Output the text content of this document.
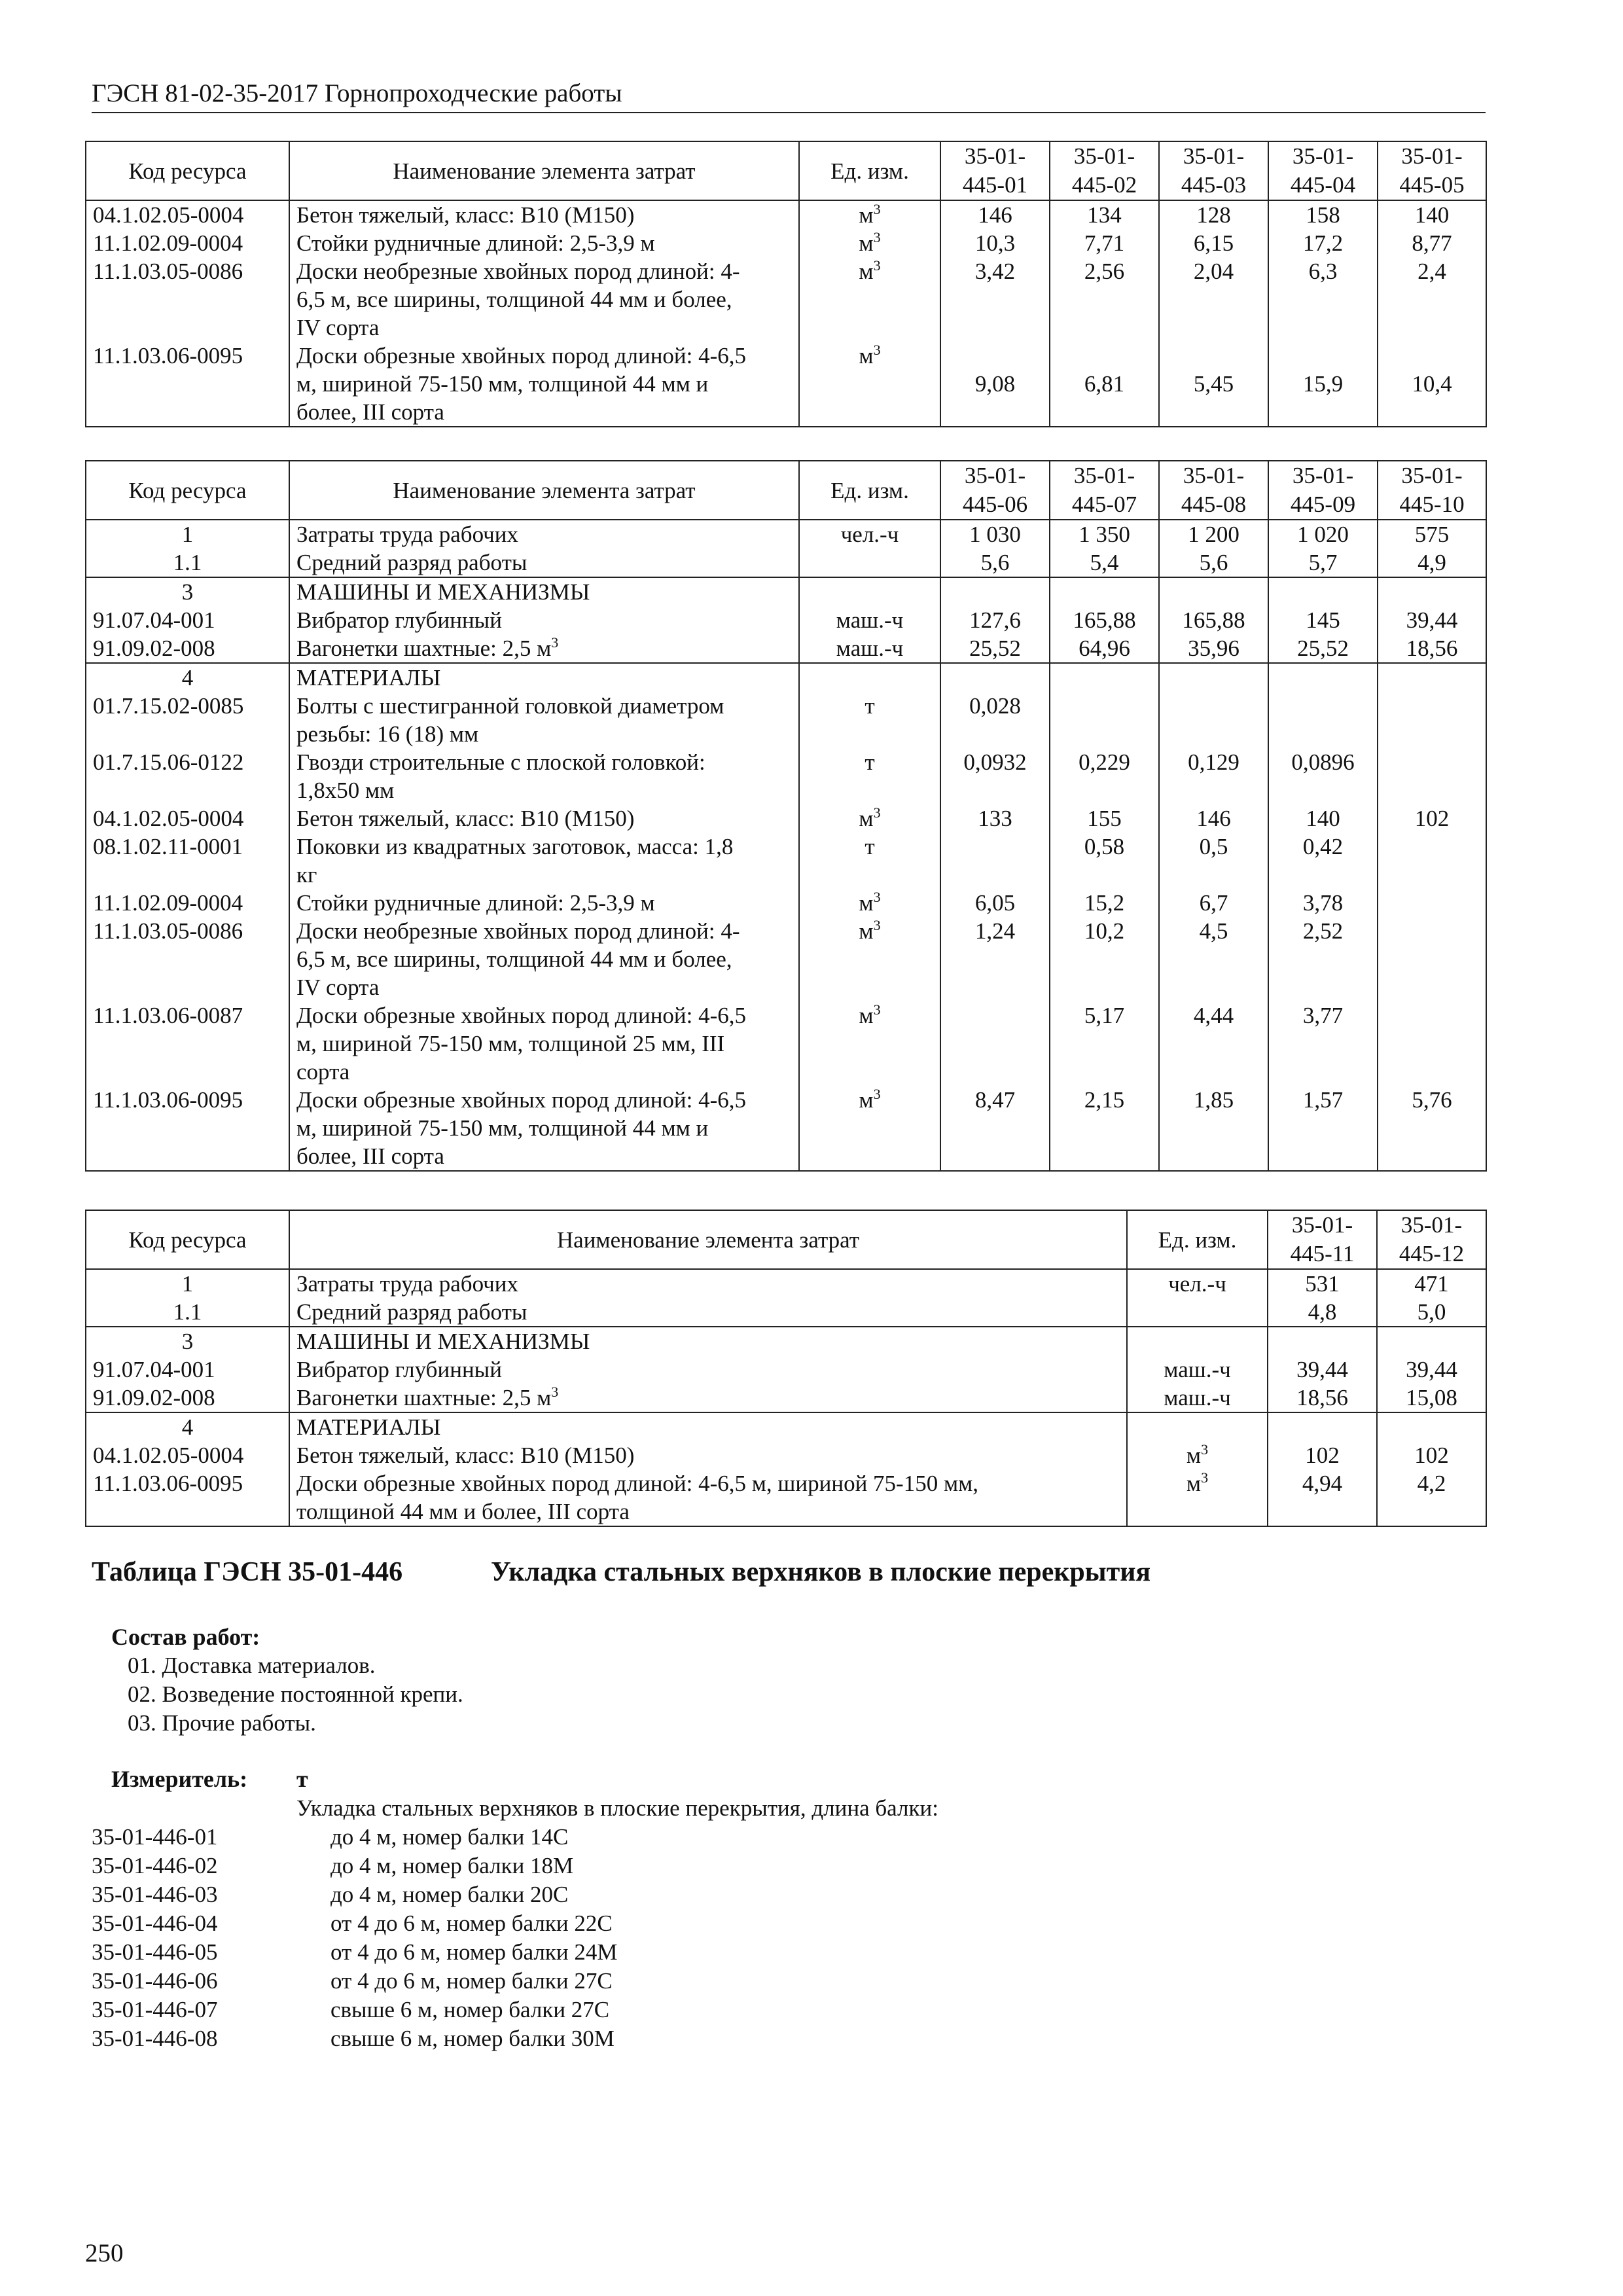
ГЭСН 81-02-35-2017 Горнопроходческие работы
Код ресурса	Наименование элемента затрат	Ед. изм.	35-01-
445-01	35-01-
445-02	35-01-
445-03	35-01-
445-04	35-01-
445-05
04.1.02.05-0004	Бетон тяжелый, класс: В10 (М150)	$м^3$	146	134	128	158	140
11.1.02.09-0004	Стойки рудничные длиной: 2,5-3,9 м	$м^3$	10,3	7,71	6,15	17,2	8,77
11.1.03.05-0086	Доски необрезные хвойных пород длиной: 4-
6,5 м, все ширины, толщиной 44 мм и более,
IV сорта	$м^3$	3,42	2,56	2,04	6,3	2,4
11.1.03.06-0095	Доски обрезные хвойных пород длиной: 4-6,5
м, шириной 75-150 мм, толщиной 44 мм и
более, III сорта	$м^3$	9,08	6,81	5,45	15,9	10,4
Код ресурса	Наименование элемента затрат	Ед. изм.	35-01-
445-06	35-01-
445-07	35-01-
445-08	35-01-
445-09	35-01-
445-10
1	Затраты труда рабочих	чел.-ч	1 030	1 350	1 200	1 020	575
1.1	Средний разряд работы		5,6	5,4	5,6	5,7	4,9
3	МАШИНЫ И МЕХАНИЗМЫ						
91.07.04-001	Вибратор глубинный	маш.-ч	127,6	165,88	165,88	145	39,44
91.09.02-008	Вагонетки шахтные: 2,5 $м^3$	маш.-ч	25,52	64,96	35,96	25,52	18,56
4	МАТЕРИАЛЫ						
01.7.15.02-0085	Болты с шестигранной головкой диаметром
резьбы: 16 (18) мм	т	0,028				
01.7.15.06-0122	Гвозди строительные с плоской головкой:
1,8х50 мм	т	0,0932	0,229	0,129	0,0896	
04.1.02.05-0004	Бетон тяжелый, класс: В10 (М150)	$м^3$	133	155	146	140	102
08.1.02.11-0001	Поковки из квадратных заготовок, масса: 1,8
кг	т		0,58	0,5	0,42	
11.1.02.09-0004	Стойки рудничные длиной: 2,5-3,9 м	$м^3$	6,05	15,2	6,7	3,78	
11.1.03.05-0086	Доски необрезные хвойных пород длиной: 4-
6,5 м, все ширины, толщиной 44 мм и более,
IV сорта	$м^3$	1,24	10,2	4,5	2,52	
11.1.03.06-0087	Доски обрезные хвойных пород длиной: 4-6,5
м, шириной 75-150 мм, толщиной 25 мм, III
сорта	$м^3$		5,17	4,44	3,77	
11.1.03.06-0095	Доски обрезные хвойных пород длиной: 4-6,5
м, шириной 75-150 мм, толщиной 44 мм и
более, III сорта	$м^3$	8,47	2,15	1,85	1,57	5,76
Код ресурса	Наименование элемента затрат	Ед. изм.	35-01-
445-11	35-01-
445-12
1	Затраты труда рабочих	чел.-ч	531	471
1.1	Средний разряд работы		4,8	5,0
3	МАШИНЫ И МЕХАНИЗМЫ			
91.07.04-001	Вибратор глубинный	маш.-ч	39,44	39,44
91.09.02-008	Вагонетки шахтные: 2,5 $м^3$	маш.-ч	18,56	15,08
4	МАТЕРИАЛЫ			
04.1.02.05-0004	Бетон тяжелый, класс: В10 (М150)	$м^3$	102	102
11.1.03.06-0095	Доски обрезные хвойных пород длиной: 4-6,5 м, шириной 75-150 мм,
толщиной 44 мм и более, III сорта	$м^3$	4,94	4,2
Таблица ГЭСН 35-01-446	Укладка стальных верхняков в плоские перекрытия
Состав работ:
01. Доставка материалов.
02. Возведение постоянной крепи.
03. Прочие работы.
Измеритель: т
Укладка стальных верхняков в плоские перекрытия, длина балки:
35-01-446-01	до 4 м, номер балки 14С
35-01-446-02	до 4 м, номер балки 18М
35-01-446-03	до 4 м, номер балки 20С
35-01-446-04	от 4 до 6 м, номер балки 22С
35-01-446-05	от 4 до 6 м, номер балки 24М
35-01-446-06	от 4 до 6 м, номер балки 27С
35-01-446-07	свыше 6 м, номер балки 27С
35-01-446-08	свыше 6 м, номер балки 30М
250
